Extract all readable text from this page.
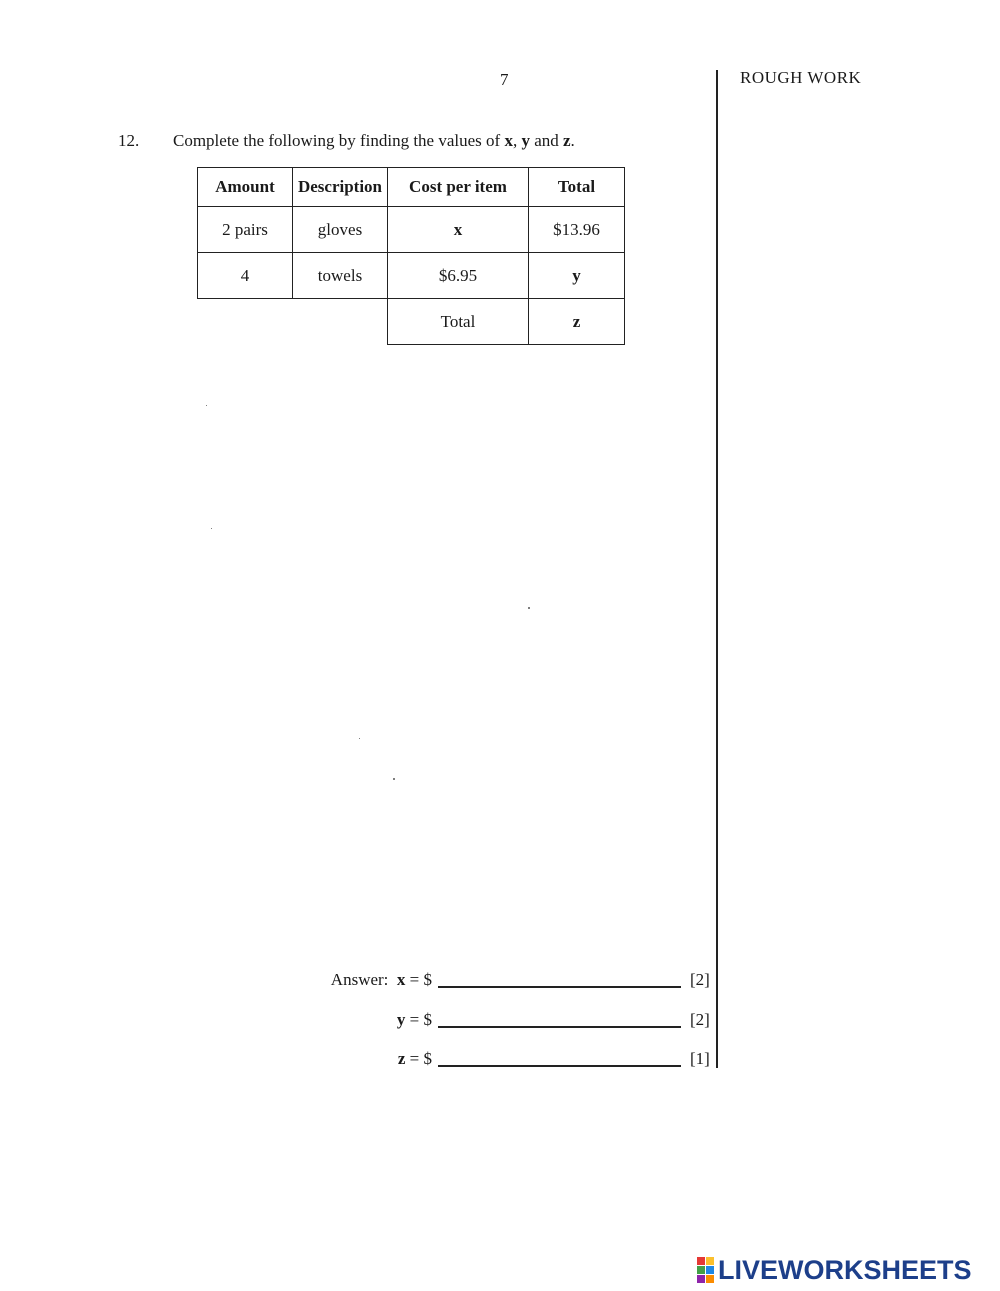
7	ROUGH WORK
12. Complete the following by finding the values of x, y and z.
Amount	Description	Cost per item	Total
2 pairs	gloves	x	$13.96
4	towels	$6.95	y
		Total	z
Answer: x = $	[2]
y = $	[2]
z = $	[1]
LIVEWORKSHEETS
